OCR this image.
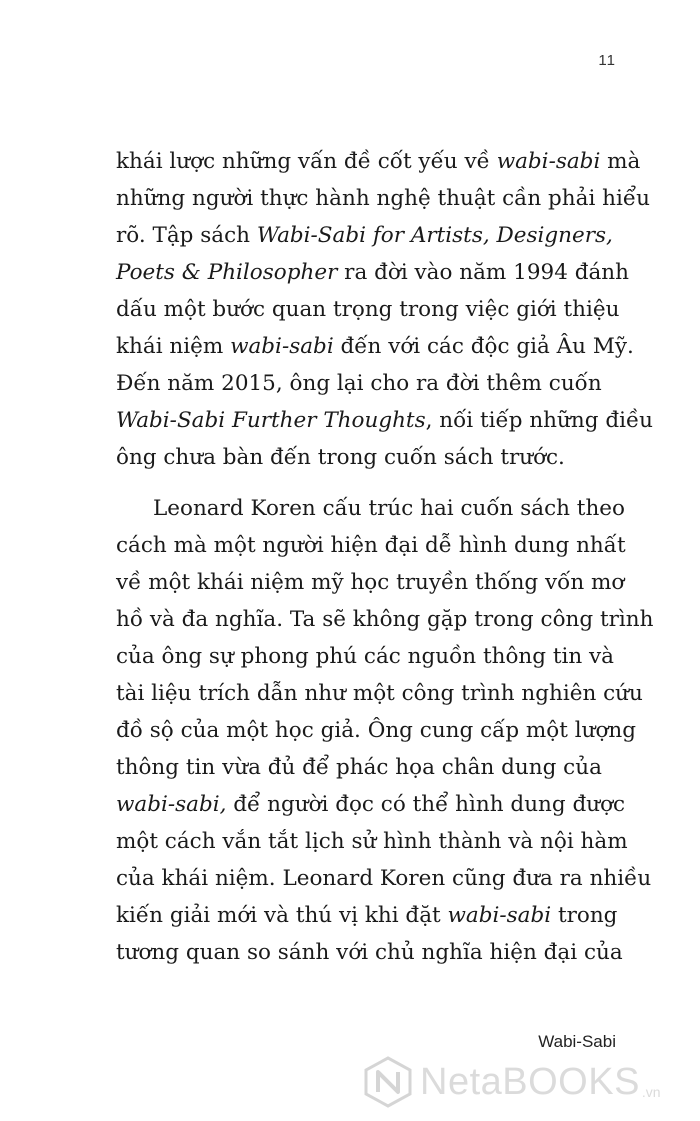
11

khái lược những vấn đề cốt yếu về wabi-sabi mà
những người thực hành nghệ thuật cần phải hiểu
rõ. Tập sách Wabi-Sabi for Artists, Designers,
Poets & Philosopher ra đời vào năm 1994 đánh
dấu một bước quan trọng trong việc giới thiệu
khái niệm wabi-sabi đến với các độc giả Âu Mỹ.
Đến năm 2015, ông lại cho ra đời thêm cuốn
Wabi-Sabi Further Thoughts, nối tiếp những điều
ông chưa bàn đến trong cuốn sách trước.

Leonard Koren cấu trúc hai cuốn sách theo
cách mà một người hiện đại dễ hình dung nhất
về một khái niệm mỹ học truyền thống vốn mơ
hồ và đa nghĩa. Ta sẽ không gặp trong công trình
của ông sự phong phú các nguồn thông tin và
tài liệu trích dẫn như một công trình nghiên cứu
đồ sộ của một học giả. Ông cung cấp một lượng
thông tin vừa đủ để phác họa chân dung của
wabi-sabi, để người đọc có thể hình dung được
một cách vắn tắt lịch sử hình thành và nội hàm
của khái niệm. Leonard Koren cũng đưa ra nhiều
kiến giải mới và thú vị khi đặt wabi-sabi trong
tương quan so sánh với chủ nghĩa hiện đại của

Wabi-Sabi
NetaBOOKS .vn
